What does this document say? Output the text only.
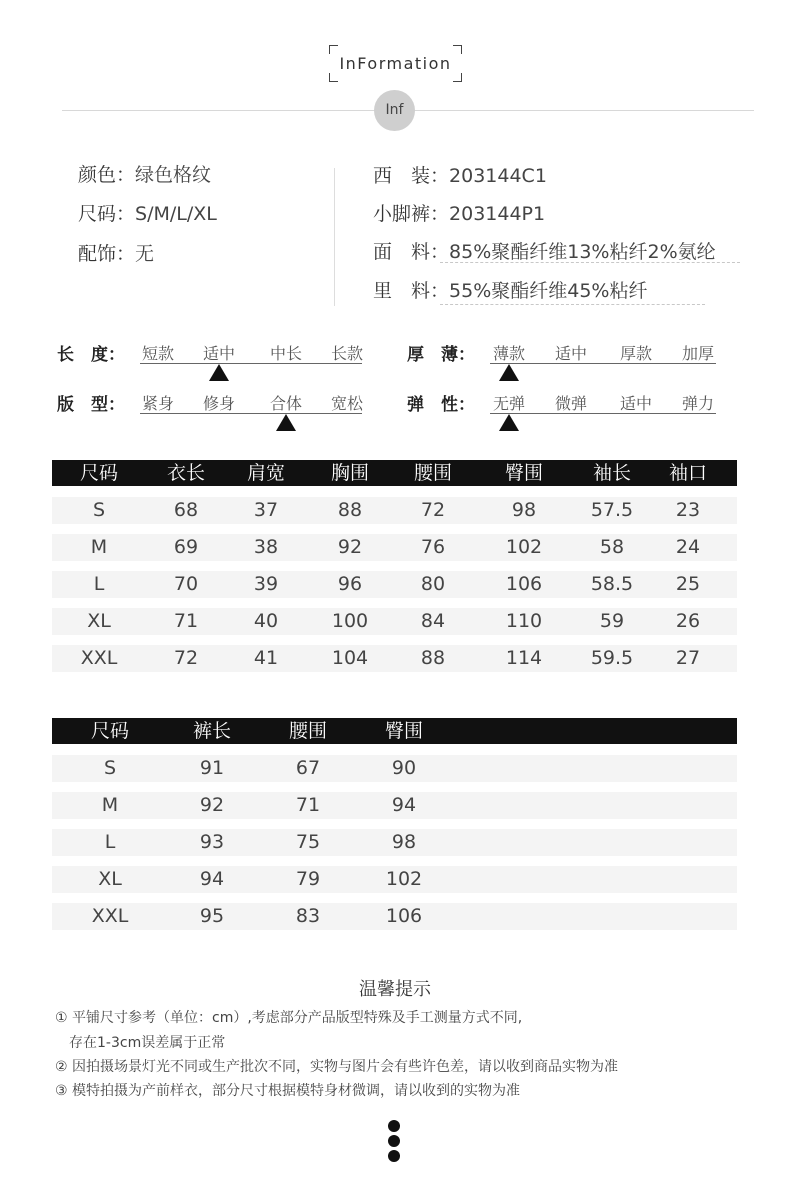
InFormation
Inf
颜色：绿色格纹
尺码：S/M/L/XL
配饰：无
西　装：203144C1
小脚裤：203144P1
面　料：85%聚酯纤维13%粘纤2%氨纶
里　料：55%聚酯纤维45%粘纤
长　度： 短款 适中 中长 长款	厚　薄： 薄款 适中 厚款 加厚
版　型： 紧身 修身 合体 宽松	弹　性： 无弹 微弹 适中 弹力
尺码	衣长 肩宽 胸围 腰围	臀围	袖长 袖口
S	68	37	88	72	98	57.5 23
M	69	38	92	76	102	58	24
L	70	39	96	80	106	58.5 25
XL	71	40	100	84	110	59	26
XXL	72	41	104	88	114	59.5 27
尺码	裤长	腰围	臀围
S	91	67	90
M	92	71	94
L	93	75	98
XL	94	79	102
XXL	95	83	106
温馨提示
① 平铺尺寸参考（单位：cm）,考虑部分产品版型特殊及手工测量方式不同,
　存在1-3cm误差属于正常
② 因拍摄场景灯光不同或生产批次不同，实物与图片会有些许色差，请以收到商品实物为准
③ 模特拍摄为产前样衣，部分尺寸根据模特身材微调，请以收到的实物为准
